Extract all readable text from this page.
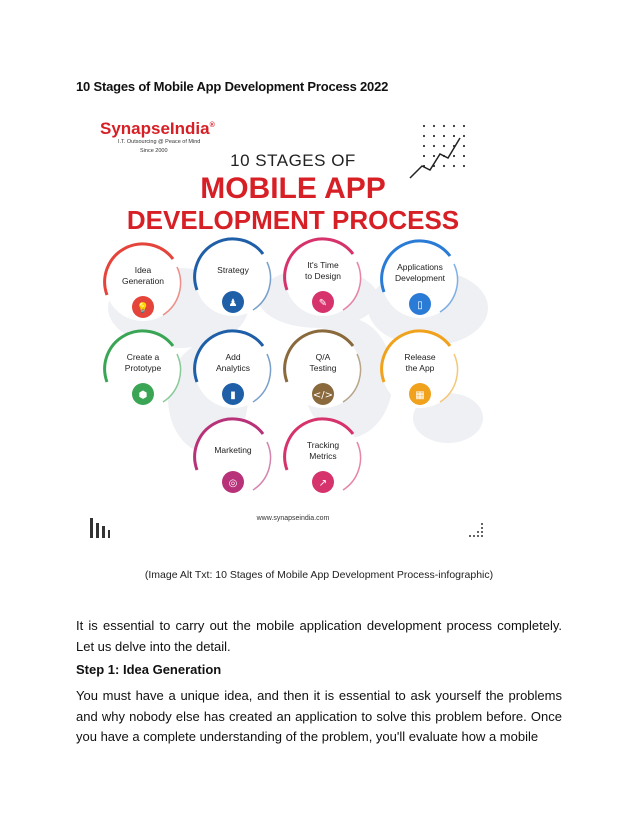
10 Stages of Mobile App Development Process 2022
SynapseIndia®
I.T. Outsourcing @ Peace of Mind
Since 2000	10 STAGES OF
MOBILE APP
DEVELOPMENT PROCESS
Idea
Generation
💡
Strategy
♟
It's Time
to Design
✎
Applications
Development
▯
Create a
Prototype
⬢
Add
Analytics
▮
Q/A
Testing
</>
Release
the App
▦
Marketing
◎
Tracking
Metrics
↗
www.synapseindia.com
(Image Alt Txt: 10 Stages of Mobile App Development Process-infographic)
It is essential to carry out the mobile application development process completely. Let us delve into the detail.
Step 1: Idea Generation
You must have a unique idea, and then it is essential to ask yourself the problems and why nobody else has created an application to solve this problem before. Once you have a complete understanding of the problem, you'll evaluate how a mobile
